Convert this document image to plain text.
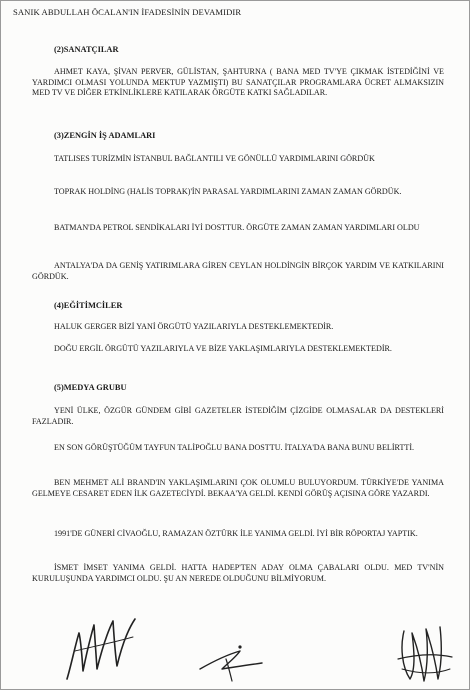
SANIK ABDULLAH ÖCALAN'IN İFADESİNİN DEVAMIDIR
(2)SANATÇILAR
AHMET KAYA, ŞİVAN PERVER, GÜLİSTAN, ŞAHTURNA ( BANA MED TV'YE ÇIKMAK İSTEDİĞİNİ VE YARDIMCI OLMASI YOLUNDA MEKTUP YAZMIŞTI) BU SANATÇILAR PROGRAMLARA ÜCRET ALMAKSIZIN MED TV VE DİĞER ETKİNLİKLERE KATILARAK ÖRGÜTE KATKI SAĞLADILAR.
(3)ZENGİN İŞ ADAMLARI
TATLISES TURİZMİN İSTANBUL BAĞLANTILI VE GÖNÜLLÜ YARDIMLARINI GÖRDÜK
TOPRAK HOLDİNG (HALİS TOPRAK)'İN PARASAL YARDIMLARINI ZAMAN ZAMAN GÖRDÜK.
BATMAN'DA PETROL SENDİKALARI İYİ DOSTTUR. ÖRGÜTE ZAMAN ZAMAN YARDIMLARI OLDU
ANTALYA'DA DA GENİŞ YATIRIMLARA GİREN CEYLAN HOLDİNGİN BİRÇOK YARDIM VE KATKILARINI GÖRDÜK.
(4)EĞİTİMCİLER
HALUK GERGER BİZİ YANİ ÖRGÜTÜ YAZILARIYLA DESTEKLEMEKTEDİR.
DOĞU ERGİL ÖRGÜTÜ YAZILARIYLA VE BİZE YAKLAŞIMLARIYLA DESTEKLEMEKTEDİR.
(5)MEDYA GRUBU
YENİ ÜLKE, ÖZGÜR GÜNDEM GİBİ GAZETELER İSTEDİĞİM ÇİZGİDE OLMASALAR DA DESTEKLERİ FAZLADIR.
EN SON GÖRÜŞTÜĞÜM TAYFUN TALİPOĞLU BANA DOSTTU. İTALYA'DA BANA BUNU BELİRTTİ.
BEN MEHMET ALİ BRAND'IN YAKLAŞIMLARINI ÇOK OLUMLU BULUYORDUM. TÜRKİYE'DE YANIMA GELMEYE CESARET EDEN İLK GAZETECİYDİ. BEKAA'YA GELDİ. KENDİ GÖRÜŞ AÇISINA GÖRE YAZARDI.
1991'DE GÜNERİ CİVAOĞLU, RAMAZAN ÖZTÜRK İLE YANIMA GELDİ. İYİ BİR RÖPORTAJ YAPTIK.
İSMET İMSET YANIMA GELDİ. HATTA HADEP'TEN ADAY OLMA ÇABALARI OLDU. MED TV'NİN KURULUŞUNDA YARDIMCI OLDU. ŞU AN NEREDE OLDUĞUNU BİLMİYORUM.
